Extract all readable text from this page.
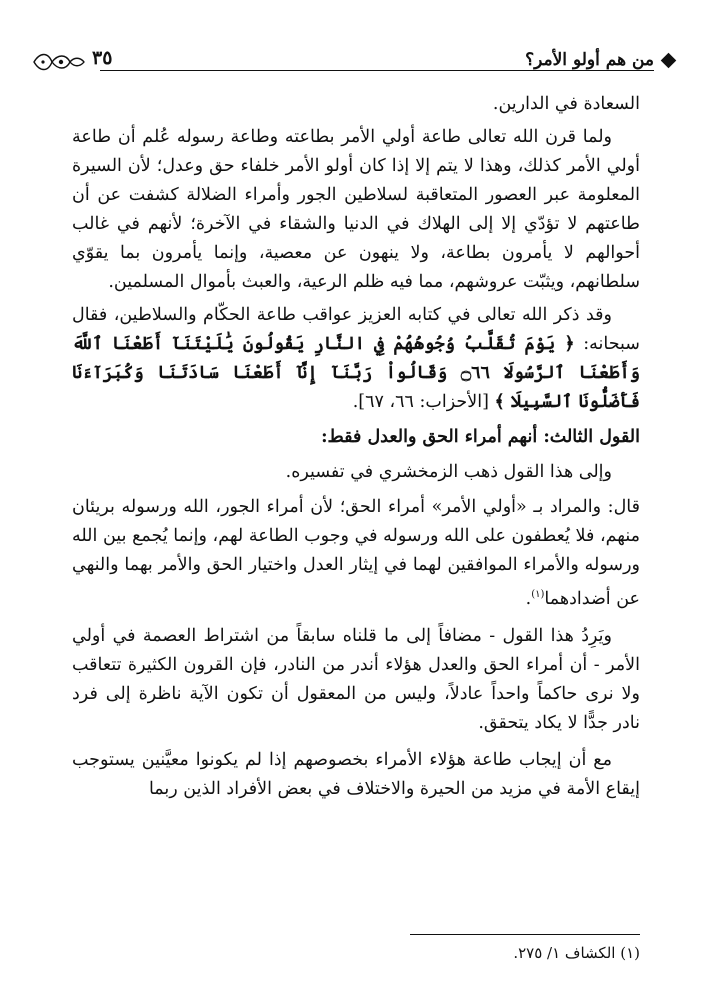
٣٥	من هم أولو الأمر؟

السعادة في الدارين.

ولما قرن الله تعالى طاعة أولي الأمر بطاعته وطاعة رسوله عُلم أن طاعة أولي الأمر كذلك، وهذا لا يتم إلا إذا كان أولو الأمر خلفاء حق وعدل؛ لأن السيرة المعلومة عبر العصور المتعاقبة لسلاطين الجور وأمراء الضلالة كشفت عن أن طاعتهم لا تؤدّي إلا إلى الهلاك في الدنيا والشقاء في الآخرة؛ لأنهم في غالب أحوالهم لا يأمرون بطاعة، ولا ينهون عن معصية، وإنما يأمرون بما يقوّي سلطانهم، ويثبّت عروشهم، مما فيه ظلم الرعية، والعبث بأموال المسلمين.

وقد ذكر الله تعالى في كتابه العزيز عواقب طاعة الحكّام والسلاطين، فقال سبحانه: ﴿ يَوْمَ تُقَلَّبُ وُجُوهُهُمْ فِي النَّارِ يَقُولُونَ يَٰلَيْتَنَآ أَطَعْنَا ٱللَّهَ وَأَطَعْنَا ٱلرَّسُولَا ۝٦٦ وَقَالُواْ رَبَّنَآ إِنَّآ أَطَعْنَا سَادَتَنَا وَكُبَرَآءَنَا فَأَضَلُّونَا ٱلسَّبِيلَا ﴾ [الأحزاب: ٦٦، ٦٧].

القول الثالث: أنهم أمراء الحق والعدل فقط:

وإلى هذا القول ذهب الزمخشري في تفسيره.

قال: والمراد بـ «أولي الأمر» أمراء الحق؛ لأن أمراء الجور، الله ورسوله بريئان منهم، فلا يُعطفون على الله ورسوله في وجوب الطاعة لهم، وإنما يُجمع بين الله ورسوله والأمراء الموافقين لهما في إيثار العدل واختيار الحق والأمر بهما والنهي عن أضدادهما$^{(١)}$.

ويَرِدُ هذا القول - مضافاً إلى ما قلناه سابقاً من اشتراط العصمة في أولي الأمر - أن أمراء الحق والعدل هؤلاء أندر من النادر، فإن القرون الكثيرة تتعاقب ولا نرى حاكماً واحداً عادلاً، وليس من المعقول أن تكون الآية ناظرة إلى فرد نادر جدًّا لا يكاد يتحقق.

مع أن إيجاب طاعة هؤلاء الأمراء بخصوصهم إذا لم يكونوا معيَّنين يستوجب إيقاع الأمة في مزيد من الحيرة والاختلاف في بعض الأفراد الذين ربما

(١) الكشاف ١/ ٢٧٥.
